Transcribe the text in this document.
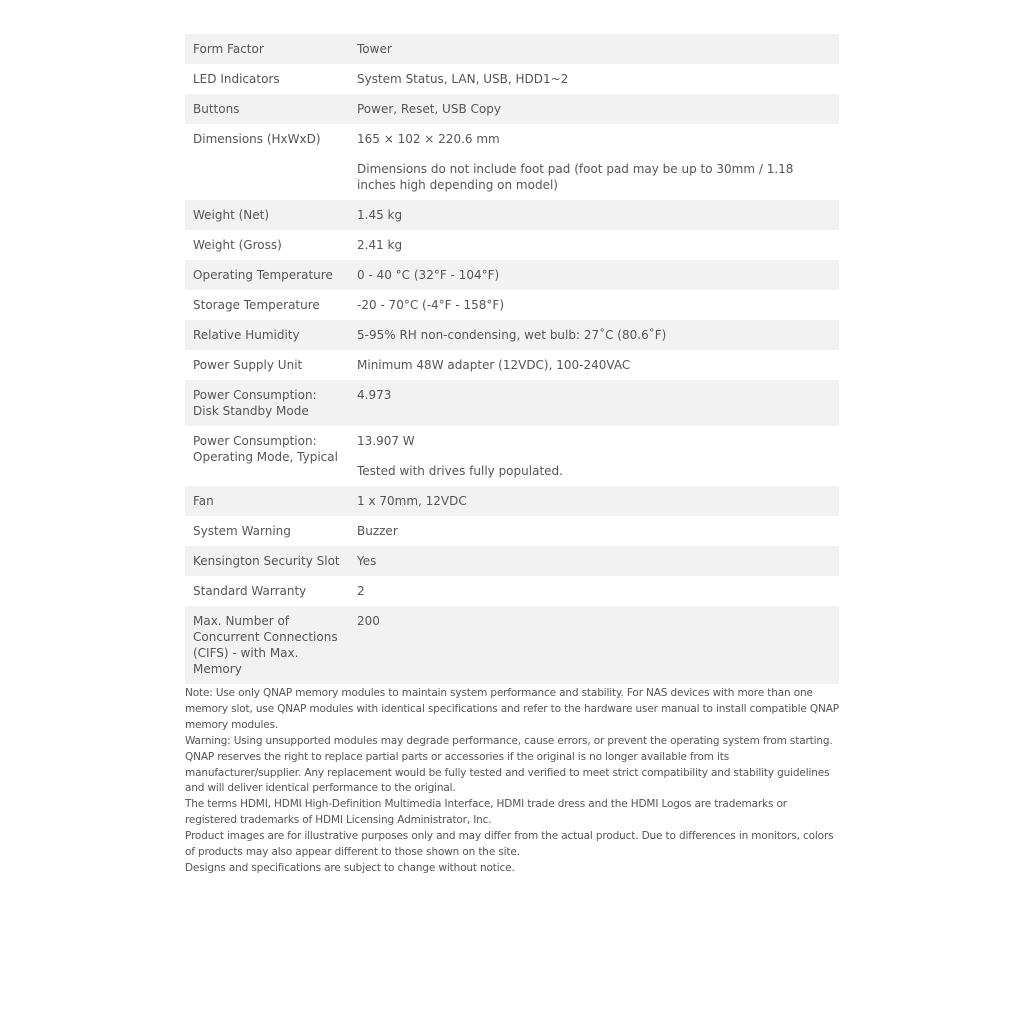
Form Factor	Tower

LED Indicators	System Status, LAN, USB, HDD1~2

Buttons	Power, Reset, USB Copy

Dimensions (HxWxD)	165 × 102 × 220.6 mm
Dimensions do not include foot pad (foot pad may be up to 30mm / 1.18 inches high depending on model)

Weight (Net)	1.45 kg

Weight (Gross)	2.41 kg

Operating Temperature	0 - 40 °C (32°F - 104°F)

Storage Temperature	-20 - 70°C (-4°F - 158°F)

Relative Humidity	5-95% RH non-condensing, wet bulb: 27˚C (80.6˚F)

Power Supply Unit	Minimum 48W adapter (12VDC), 100-240VAC

Power Consumption: Disk Standby Mode	4.973

Power Consumption: Operating Mode, Typical	13.907 W
Tested with drives fully populated.

Fan	1 x 70mm, 12VDC

System Warning	Buzzer

Kensington Security Slot	Yes

Standard Warranty	2

Max. Number of Concurrent Connections (CIFS) - with Max. Memory	200

Note: Use only QNAP memory modules to maintain system performance and stability. For NAS devices with more than one memory slot, use QNAP modules with identical specifications and refer to the hardware user manual to install compatible QNAP memory modules.

Warning: Using unsupported modules may degrade performance, cause errors, or prevent the operating system from starting.

QNAP reserves the right to replace partial parts or accessories if the original is no longer available from its manufacturer/supplier. Any replacement would be fully tested and verified to meet strict compatibility and stability guidelines and will deliver identical performance to the original.

The terms HDMI, HDMI High-Definition Multimedia Interface, HDMI trade dress and the HDMI Logos are trademarks or registered trademarks of HDMI Licensing Administrator, Inc.

Product images are for illustrative purposes only and may differ from the actual product. Due to differences in monitors, colors of products may also appear different to those shown on the site.

Designs and specifications are subject to change without notice.
